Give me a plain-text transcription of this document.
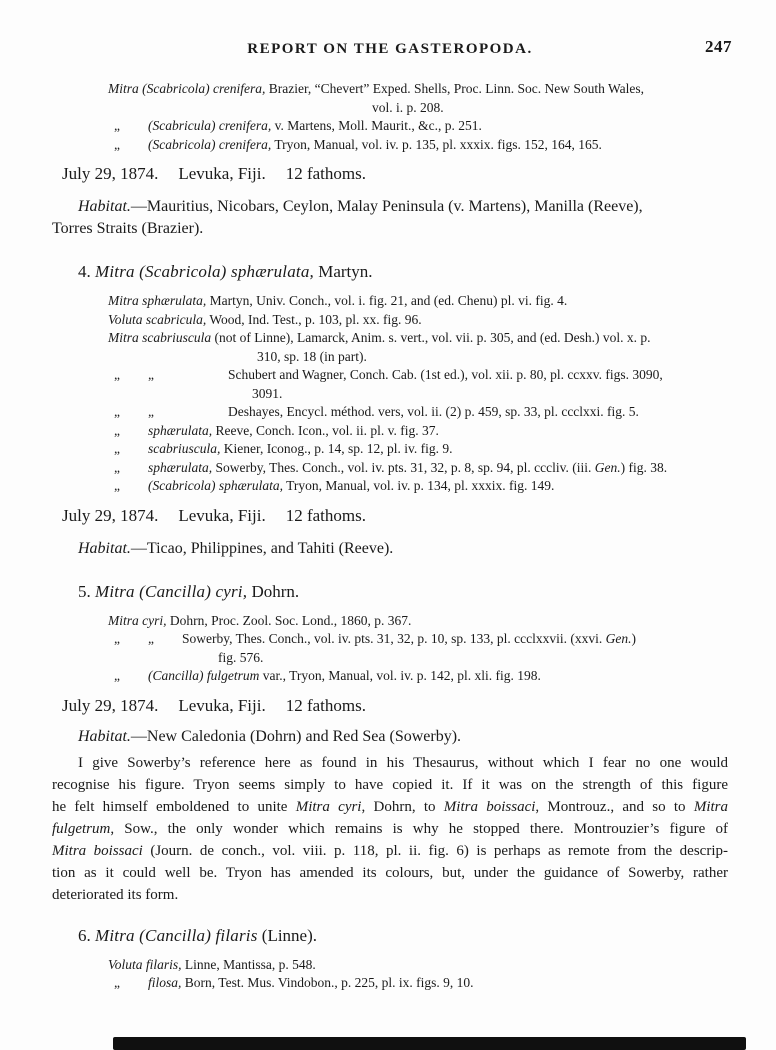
REPORT ON THE GASTEROPODA.	247
Mitra (Scabricola) crenifera, Brazier, “Chevert” Exped. Shells, Proc. Linn. Soc. New South Wales,
vol. i. p. 208.
„ (Scabricula) crenifera, v. Martens, Moll. Maurit., &c., p. 251.
„ (Scabricola) crenifera, Tryon, Manual, vol. iv. p. 135, pl. xxxix. figs. 152, 164, 165.
July 29, 1874. Levuka, Fiji. 12 fathoms.
Habitat.—Mauritius, Nicobars, Ceylon, Malay Peninsula (v. Martens), Manilla (Reeve),
Torres Straits (Brazier).
4. Mitra (Scabricola) sphærulata, Martyn.
Mitra sphærulata, Martyn, Univ. Conch., vol. i. fig. 21, and (ed. Chenu) pl. vi. fig. 4.
Voluta scabricula, Wood, Ind. Test., p. 103, pl. xx. fig. 96.
Mitra scabriuscula (not of Linne), Lamarck, Anim. s. vert., vol. vii. p. 305, and (ed. Desh.) vol. x. p.
310, sp. 18 (in part).
„ „	Schubert and Wagner, Conch. Cab. (1st ed.), vol. xii. p. 80, pl. ccxxv. figs. 3090,
3091.
„ „	Deshayes, Encycl. méthod. vers, vol. ii. (2) p. 459, sp. 33, pl. ccclxxi. fig. 5.
„ sphærulata, Reeve, Conch. Icon., vol. ii. pl. v. fig. 37.
„ scabriuscula, Kiener, Iconog., p. 14, sp. 12, pl. iv. fig. 9.
„ sphærulata, Sowerby, Thes. Conch., vol. iv. pts. 31, 32, p. 8, sp. 94, pl. cccliv. (iii. Gen.) fig. 38.
„ (Scabricola) sphærulata, Tryon, Manual, vol. iv. p. 134, pl. xxxix. fig. 149.
July 29, 1874. Levuka, Fiji. 12 fathoms.
Habitat.—Ticao, Philippines, and Tahiti (Reeve).
5. Mitra (Cancilla) cyri, Dohrn.
Mitra cyri, Dohrn, Proc. Zool. Soc. Lond., 1860, p. 367.
„ „ Sowerby, Thes. Conch., vol. iv. pts. 31, 32, p. 10, sp. 133, pl. ccclxxvii. (xxvi. Gen.)
fig. 576.
„ (Cancilla) fulgetrum var., Tryon, Manual, vol. iv. p. 142, pl. xli. fig. 198.
July 29, 1874. Levuka, Fiji. 12 fathoms.
Habitat.—New Caledonia (Dohrn) and Red Sea (Sowerby).
I give Sowerby’s reference here as found in his Thesaurus, without which I fear no one would
recognise his figure. Tryon seems simply to have copied it. If it was on the strength of this figure
he felt himself emboldened to unite Mitra cyri, Dohrn, to Mitra boissaci, Montrouz., and so to Mitra
fulgetrum, Sow., the only wonder which remains is why he stopped there. Montrouzier’s figure of
Mitra boissaci (Journ. de conch., vol. viii. p. 118, pl. ii. fig. 6) is perhaps as remote from the descrip-
tion as it could well be. Tryon has amended its colours, but, under the guidance of Sowerby, rather
deteriorated its form.
6. Mitra (Cancilla) filaris (Linne).
Voluta filaris, Linne, Mantissa, p. 548.
„ filosa, Born, Test. Mus. Vindobon., p. 225, pl. ix. figs. 9, 10.
